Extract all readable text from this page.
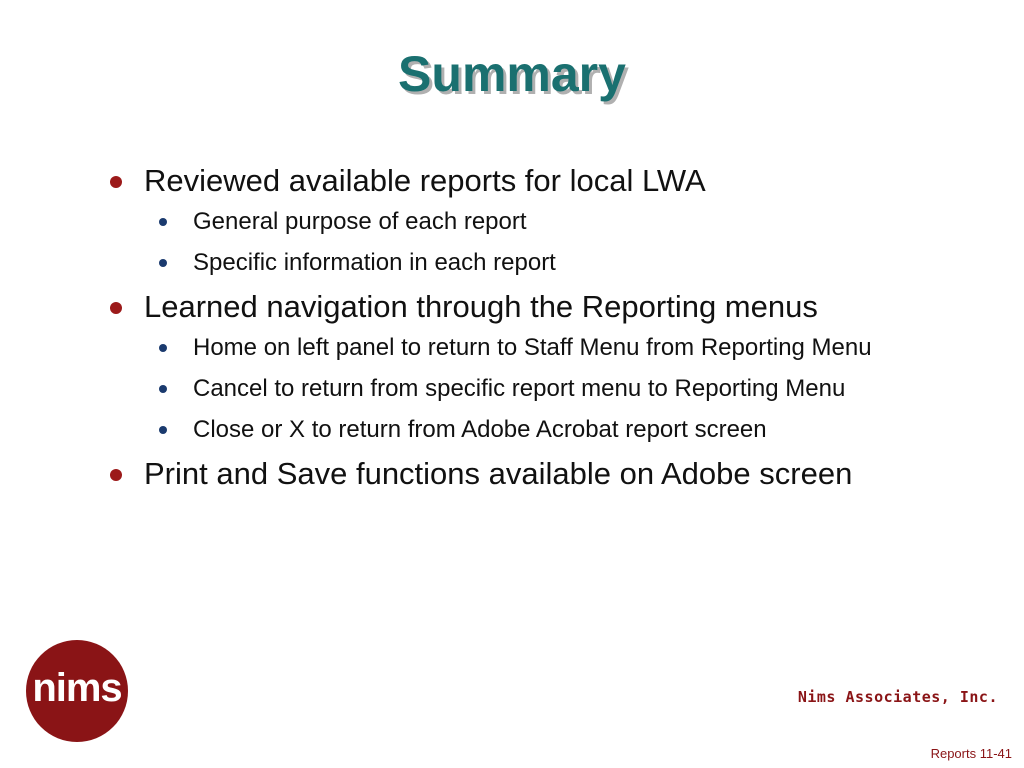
Summary
Reviewed available reports for local LWA
General purpose of each report
Specific information in each report
Learned navigation through the Reporting menus
Home on left panel to return to Staff Menu from Reporting Menu
Cancel to return from specific report menu to Reporting Menu
Close or X to return from Adobe Acrobat report screen
Print and Save functions available on Adobe screen
nims	Nims Associates, Inc.
Reports 11-41
